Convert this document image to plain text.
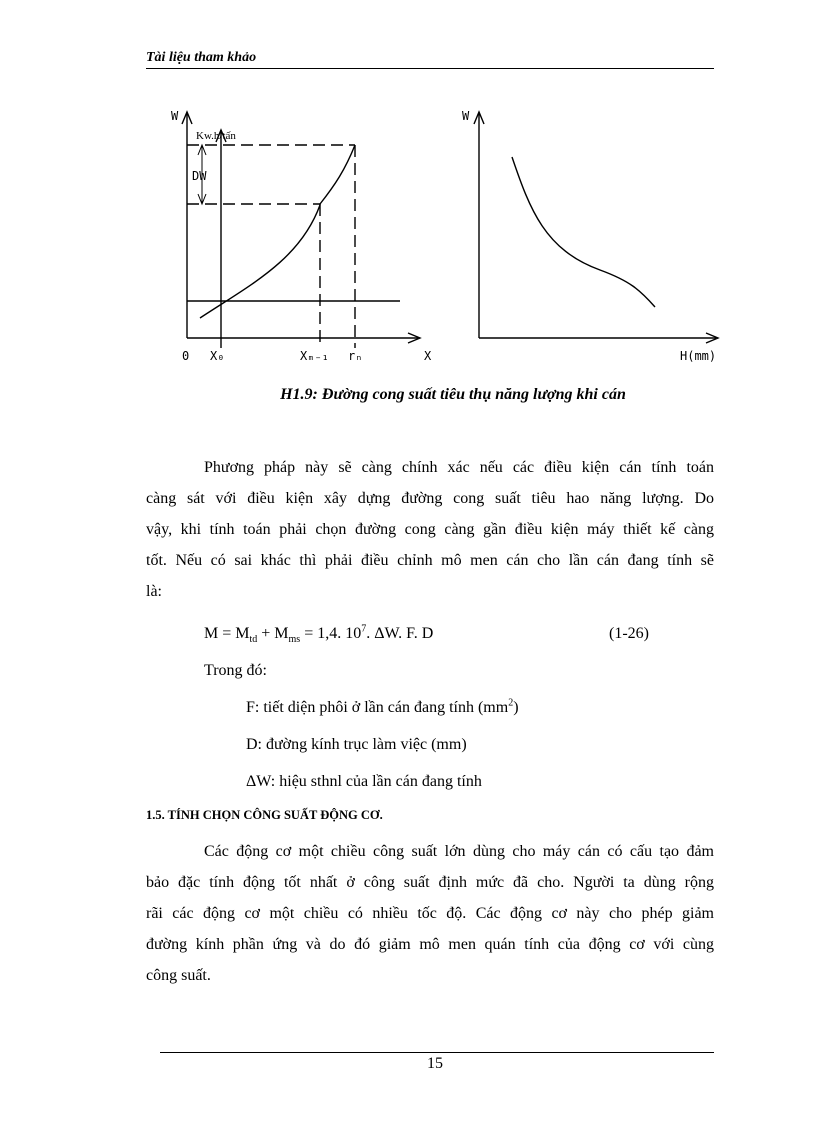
Tài liệu tham khảo
W
Kw.h/tấn
DW
0 X₀	Xₘ₋₁ rₙ	X
W
H(mm)
H1.9: Đường cong suất tiêu thụ năng lượng khi cán
Phương pháp này sẽ càng chính xác nếu các điều kiện cán tính toán
càng sát với điều kiện xây dựng đường cong suất tiêu hao năng lượng. Do
vậy, khi tính toán phải chọn đường cong càng gần điều kiện máy thiết kế càng
tốt. Nếu có sai khác thì phải điều chỉnh mô men cán cho lần cán đang tính sẽ
là:
$M = M_{td} + M_{ms} = 1,4$. $10^7$. ΔW. F. D	(1-26)
Trong đó:
F: tiết diện phôi ở lần cán đang tính $(mm^2)$
D: đường kính trục làm việc (mm)
ΔW: hiệu sthnl của lần cán đang tính
1.5. TÍNH CHỌN CÔNG SUẤT ĐỘNG CƠ.
Các động cơ một chiều công suất lớn dùng cho máy cán có cấu tạo đảm
bảo đặc tính động tốt nhất ở công suất định mức đã cho. Người ta dùng rộng
rãi các động cơ một chiều có nhiều tốc độ. Các động cơ này cho phép giảm
đường kính phần ứng và do đó giảm mô men quán tính của động cơ với cùng
công suất.
15
